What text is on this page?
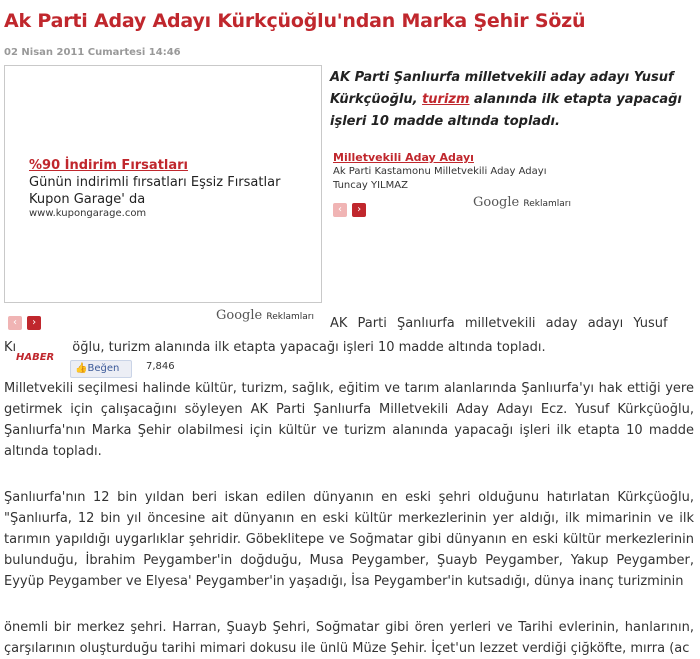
Ak Parti Aday Adayı Kürkçüoğlu'ndan Marka Şehir Sözü
02 Nisan 2011 Cumartesi 14:46
%90 İndirim Fırsatları
Günün indirimli fırsatları Eşsiz Fırsatlar Kupon Garage' da
www.kupongarage.com
‹ ›	Google Reklamları
AK Parti Şanlıurfa milletvekili aday adayı Yusuf Kürkçüoğlu, turizm alanında ilk etapta yapacağı işleri 10 madde altında topladı.
Milletvekili Aday Adayı
Ak Parti Kastamonu Milletvekili Aday Adayı Tuncay YILMAZ
‹ ›	Google Reklamları
AK Parti Şanlıurfa milletvekili aday adayı Yusuf
Kı	öğlu, turizm alanında ilk etapta yapacağı işleri 10 madde altında topladı.
HABER
👍Beğen	7,846
Milletvekili seçilmesi halinde kültür, turizm, sağlık, eğitim ve tarım alanlarında Şanlıurfa'yı hak ettiği yere getirmek için çalışacağını söyleyen AK Parti Şanlıurfa Milletvekili Aday Adayı Ecz. Yusuf Kürkçüoğlu, Şanlıurfa'nın Marka Şehir olabilmesi için kültür ve turizm alanında yapacağı işleri ilk etapta 10 madde altında topladı.
Şanlıurfa'nın 12 bin yıldan beri iskan edilen dünyanın en eski şehri olduğunu hatırlatan Kürkçüoğlu, "Şanlıurfa, 12 bin yıl öncesine ait dünyanın en eski kültür merkezlerinin yer aldığı, ilk mimarinin ve ilk tarımın yapıldığı uygarlıklar şehridir. Göbeklitepe ve Soğmatar gibi dünyanın en eski kültür merkezlerinin bulunduğu, İbrahim Peygamber'in doğduğu, Musa Peygamber, Şuayb Peygamber, Yakup Peygamber, Eyyüp Peygamber ve Elyesa' Peygamber'in yaşadığı, İsa Peygamber'in kutsadığı, dünya inanç turizminin
önemli bir merkez şehri. Harran, Şuayb Şehri, Soğmatar gibi ören yerleri ve Tarihi evlerinin, hanlarının, çarşılarının oluşturduğu tarihi mimari dokusu ile ünlü Müze Şehir. İçet'un lezzet verdiği çiğköfte, mırra (ac
